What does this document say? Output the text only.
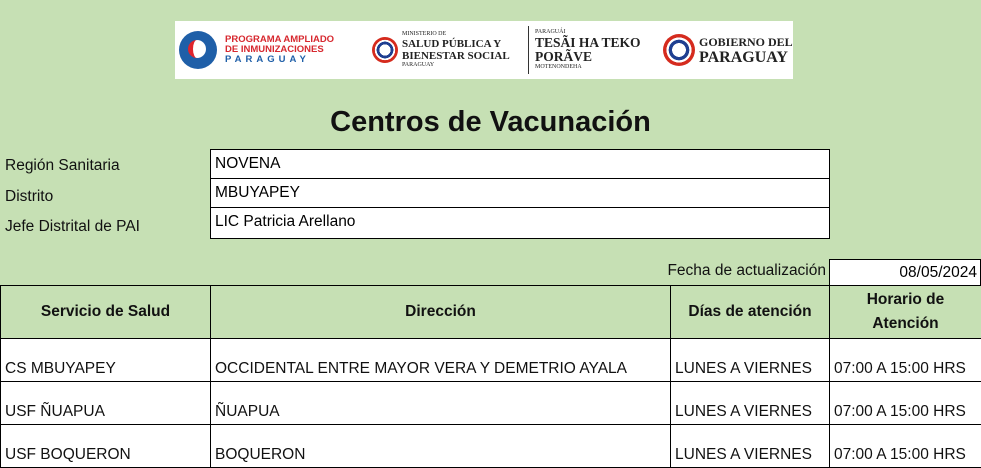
PROGRAMA AMPLIADO
DE INMUNIZACIONES
PARAGUAY
MINISTERIO DE
SALUD PÚBLICA Y
BIENESTAR SOCIAL
PARAGUAY
PARAGUÁI
TESÃI HA TEKO
PORÃVE
MOTENONDEHA
GOBIERNO DEL
PARAGUAY
Centros de Vacunación
Región Sanitaria	NOVENA
Distrito	MBUYAPEY
Jefe Distrital de PAI	LIC Patricia Arellano
Fecha de actualización	08/05/2024
Servicio de Salud	Dirección	Días de atención	Horario de
Atención

CS MBUYAPEY	OCCIDENTAL ENTRE MAYOR VERA Y DEMETRIO AYALA	LUNES A VIERNES	07:00 A 15:00 HRS
USF ÑUAPUA	ÑUAPUA	LUNES A VIERNES	07:00 A 15:00 HRS
USF BOQUERON	BOQUERON	LUNES A VIERNES	07:00 A 15:00 HRS
